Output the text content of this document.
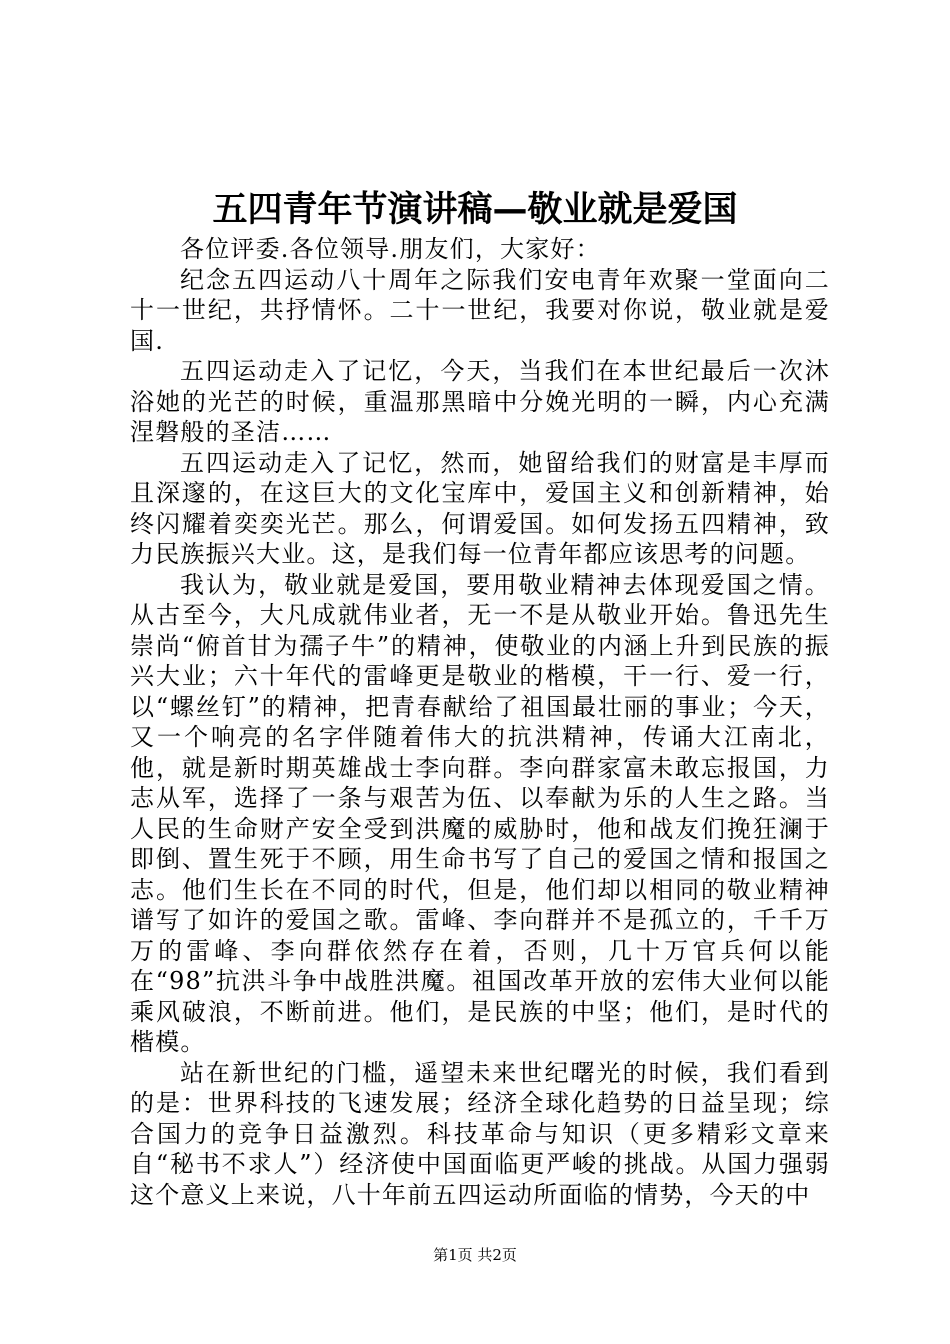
五四青年节演讲稿—敬业就是爱国

各位评委.各位领导.朋友们，大家好：

纪念五四运动八十周年之际我们安电青年欢聚一堂面向二十一世纪，共抒情怀。二十一世纪，我要对你说，敬业就是爱国.

五四运动走入了记忆，今天，当我们在本世纪最后一次沐浴她的光芒的时候，重温那黑暗中分娩光明的一瞬，内心充满涅磐般的圣洁……

五四运动走入了记忆，然而，她留给我们的财富是丰厚而且深邃的，在这巨大的文化宝库中，爱国主义和创新精神，始终闪耀着奕奕光芒。那么，何谓爱国。如何发扬五四精神，致力民族振兴大业。这，是我们每一位青年都应该思考的问题。

我认为，敬业就是爱国，要用敬业精神去体现爱国之情。从古至今，大凡成就伟业者，无一不是从敬业开始。鲁迅先生崇尚“俯首甘为孺子牛”的精神，使敬业的内涵上升到民族的振兴大业；六十年代的雷峰更是敬业的楷模，干一行、爱一行，以“螺丝钉”的精神，把青春献给了祖国最壮丽的事业；今天，又一个响亮的名字伴随着伟大的抗洪精神，传诵大江南北，他，就是新时期英雄战士李向群。李向群家富未敢忘报国，力志从军，选择了一条与艰苦为伍、以奉献为乐的人生之路。当人民的生命财产安全受到洪魔的威胁时，他和战友们挽狂澜于即倒、置生死于不顾，用生命书写了自己的爱国之情和报国之志。他们生长在不同的时代，但是，他们却以相同的敬业精神谱写了如许的爱国之歌。雷峰、李向群并不是孤立的，千千万万的雷峰、李向群依然存在着，否则，几十万官兵何以能在“98”抗洪斗争中战胜洪魔。祖国改革开放的宏伟大业何以能乘风破浪，不断前进。他们，是民族的中坚；他们，是时代的楷模。

站在新世纪的门槛，遥望未来世纪曙光的时候，我们看到的是：世界科技的飞速发展；经济全球化趋势的日益呈现；综合国力的竞争日益激烈。科技革命与知识（更多精彩文章来自“秘书不求人”）经济使中国面临更严峻的挑战。从国力强弱这个意义上来说，八十年前五四运动所面临的情势，今天的中

第1页 共2页
